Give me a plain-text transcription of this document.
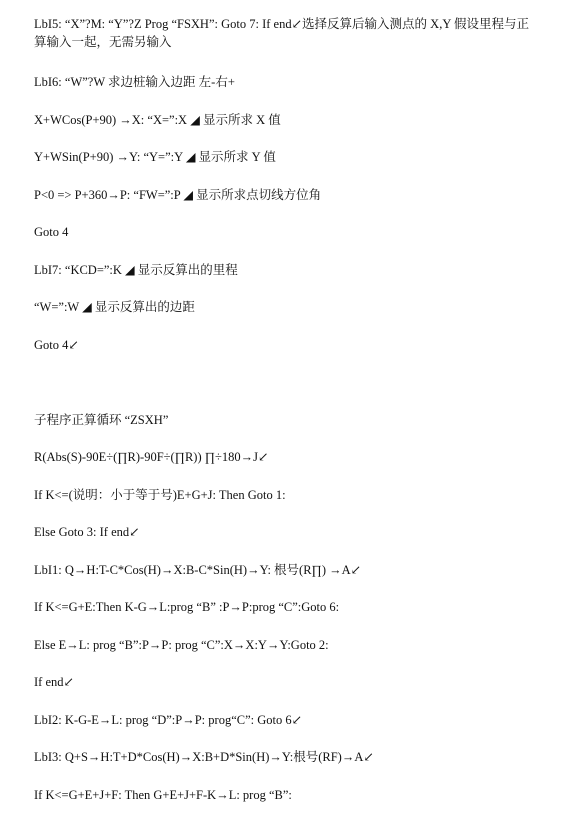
LbI5: “X”?M: “Y”?Z Prog “FSXH”: Goto 7: If end↙选择反算后输入测点的 X,Y 假设里程与正算输入一起，无需另输入
LbI6: “W”?W 求边桩输入边距 左-右+
X+WCos(P+90) →X: “X=”:X ◢ 显示所求 X 值
Y+WSin(P+90) →Y: “Y=”:Y ◢ 显示所求 Y 值
P<0 => P+360→P: “FW=”:P ◢ 显示所求点切线方位角
Goto 4
LbI7: “KCD=”:K ◢ 显示反算出的里程
“W=”:W ◢ 显示反算出的边距
Goto 4↙
子程序正算循环 “ZSXH”
R(Abs(S)-90E÷(∏R)-90F÷(∏R)) ∏÷180→J↙
If K<=(说明：小于等于号)E+G+J: Then Goto 1:
Else Goto 3: If end↙
LbI1: Q→H:T-C*Cos(H)→X:B-C*Sin(H)→Y: 根号(R∏) →A↙
If K<=G+E:Then K-G→L:prog “B” :P→P:prog “C”:Goto 6:
Else E→L: prog “B”:P→P: prog “C”:X→X:Y→Y:Goto 2:
If end↙
LbI2: K-G-E→L: prog “D”:P→P: prog“C”: Goto 6↙
LbI3: Q+S→H:T+D*Cos(H)→X:B+D*Sin(H)→Y:根号(RF)→A↙
If K<=G+E+J+F: Then G+E+J+F-K→L: prog “B”:
